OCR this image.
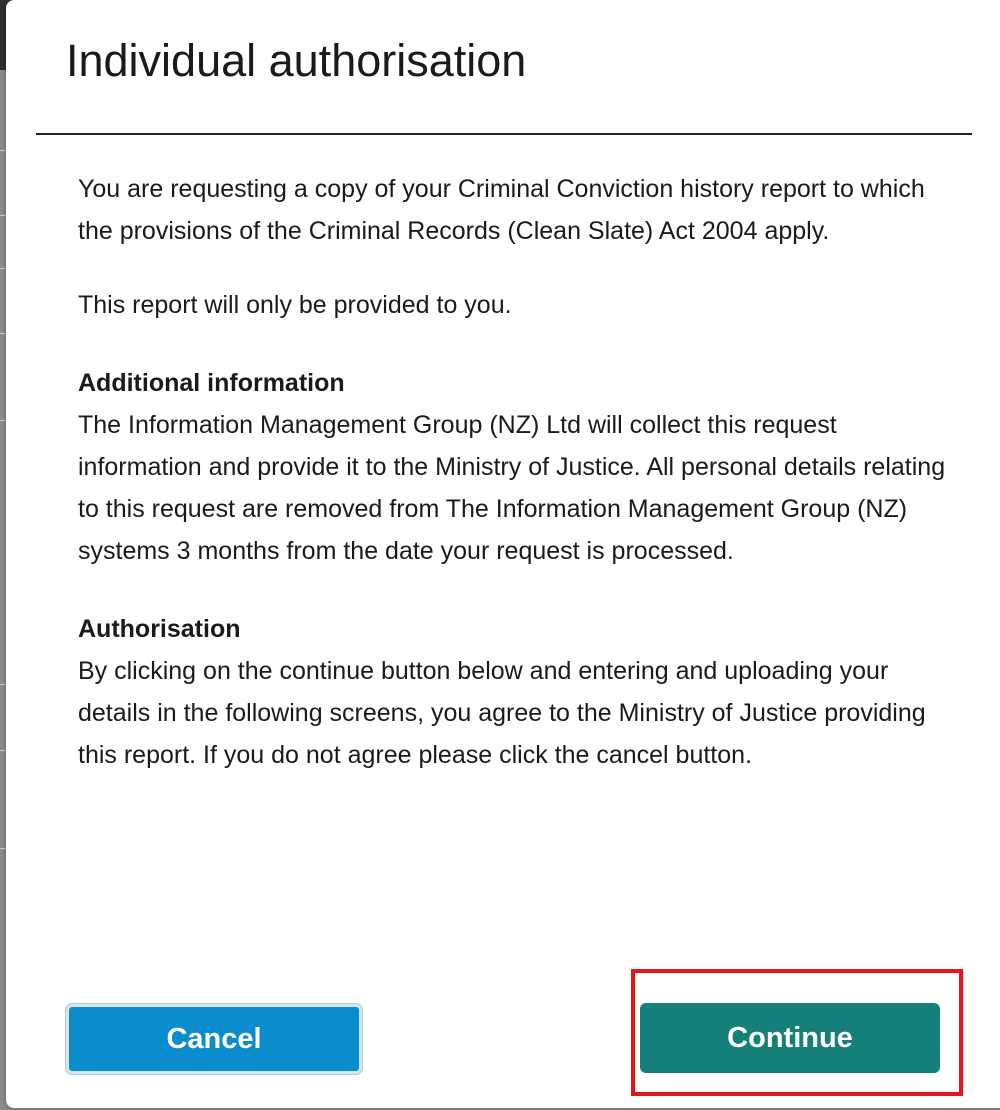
Individual authorisation

You are requesting a copy of your Criminal Conviction history report to which the provisions of the Criminal Records (Clean Slate) Act 2004 apply.

This report will only be provided to you.

Additional information
The Information Management Group (NZ) Ltd will collect this request information and provide it to the Ministry of Justice. All personal details relating to this request are removed from The Information Management Group (NZ) systems 3 months from the date your request is processed.

Authorisation
By clicking on the continue button below and entering and uploading your details in the following screens, you agree to the Ministry of Justice providing this report. If you do not agree please click the cancel button.

Cancel	Continue
